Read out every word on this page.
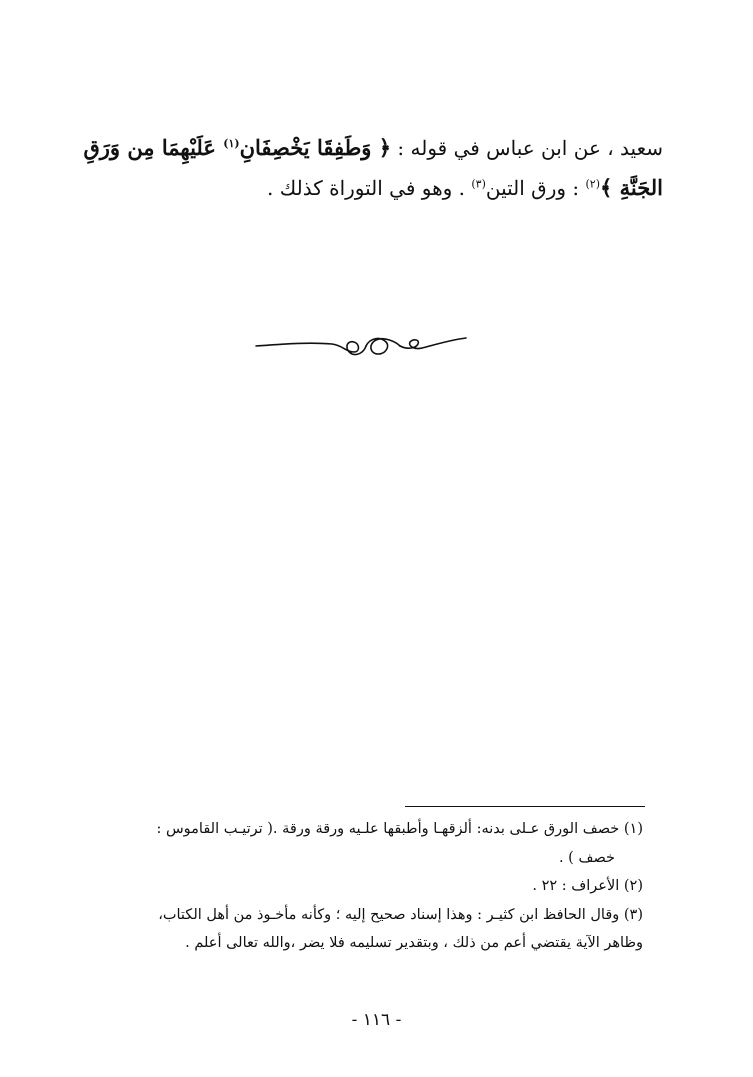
سعيد ، عن ابن عباس في قوله : ﴿ وَطَفِقَا يَخْصِفَانِ$^{(١)}$ عَلَيْهِمَا مِن وَرَقِ
الجَنَّةِ ﴾$^{(٢)}$ : ورق التين$^{(٣)}$ . وهو في التوراة كذلك .
(١) خصف الورق عـلى بدنه: ألزقهـا وأطبقها علـيه ورقة ورقة .( ترتيـب القاموس :
خصف ) .
(٢) الأعراف : ٢٢ .
(٣) وقال الحافظ ابن كثيـر : وهذا إسناد صحيح إليه ؛ وكأنه مأخـوذ من أهل الكتاب،
وظاهر الآية يقتضي أعم من ذلك ، وبتقدير تسليمه فلا يضر ،والله تعالى أعلم .
- ١١٦ -
